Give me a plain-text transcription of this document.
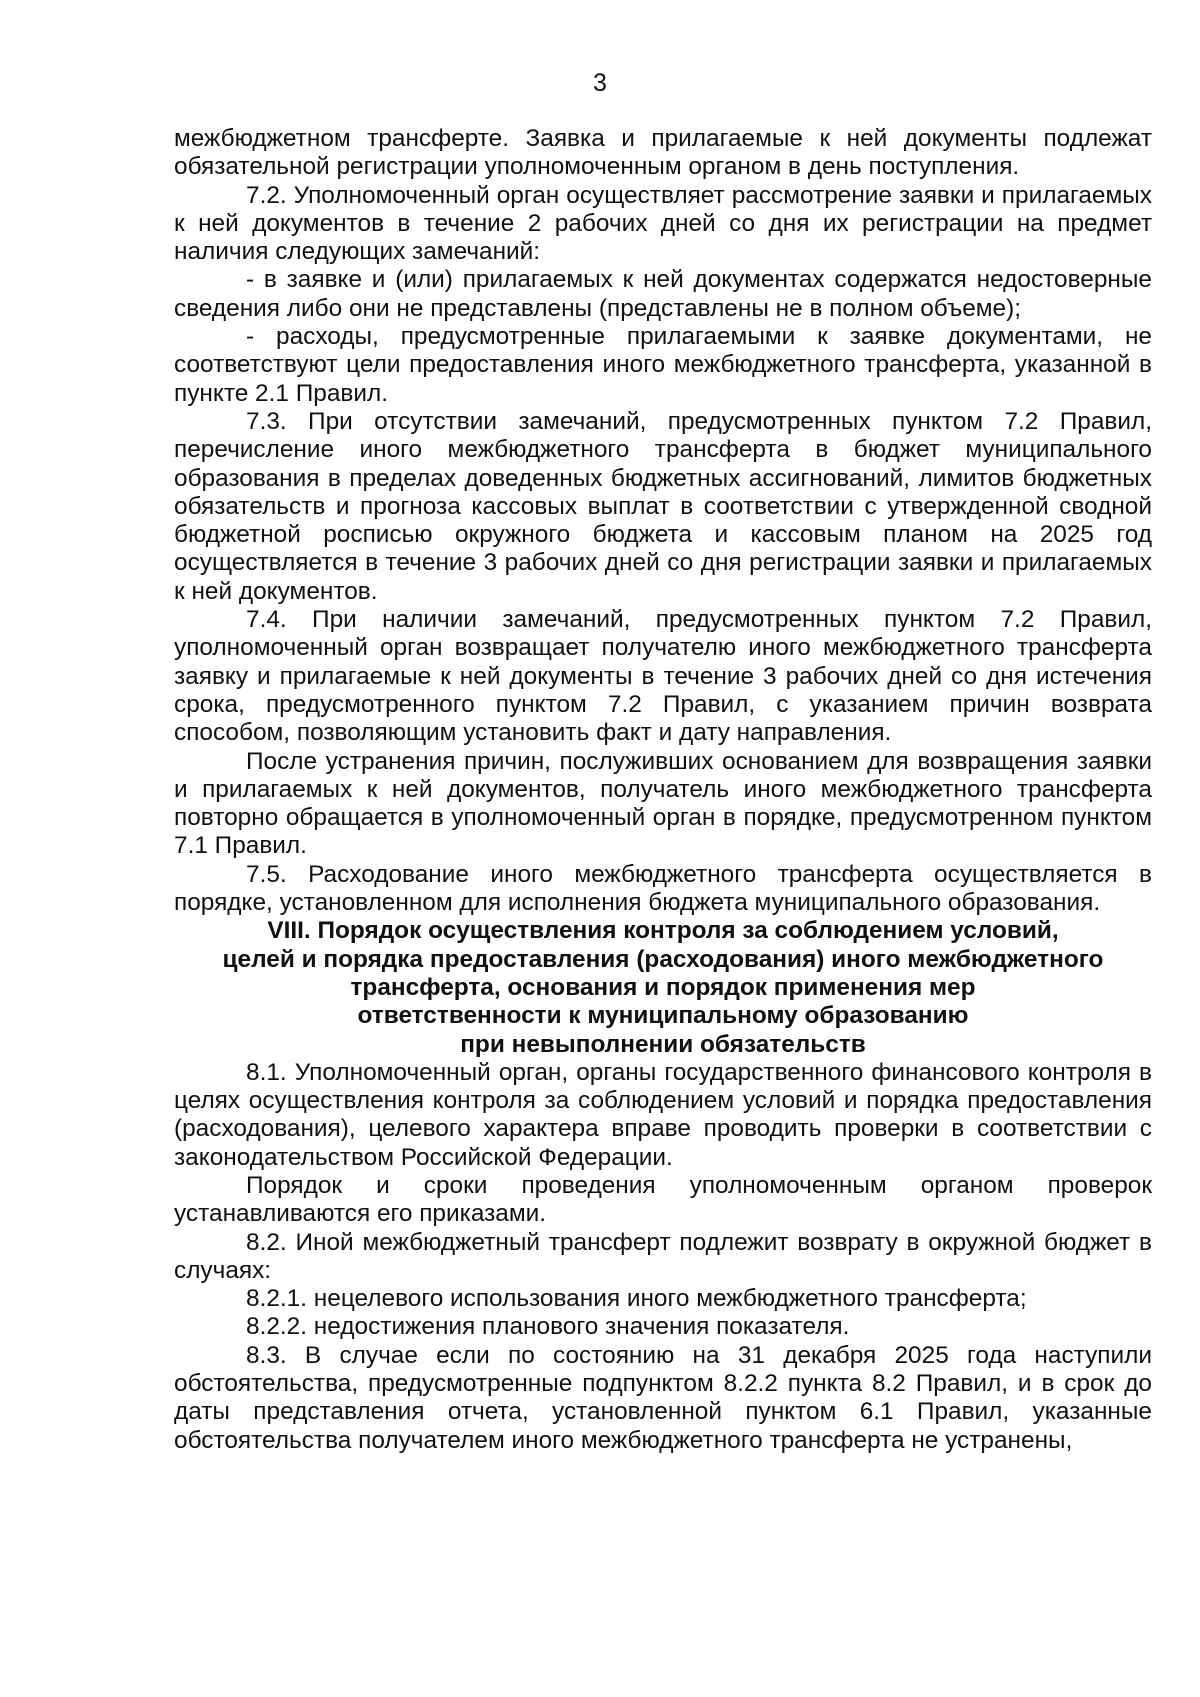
3

межбюджетном трансферте. Заявка и прилагаемые к ней документы подлежат обязательной регистрации уполномоченным органом в день поступления.

7.2. Уполномоченный орган осуществляет рассмотрение заявки и прилагаемых к ней документов в течение 2 рабочих дней со дня их регистрации на предмет наличия следующих замечаний:

- в заявке и (или) прилагаемых к ней документах содержатся недостоверные сведения либо они не представлены (представлены не в полном объеме);

- расходы, предусмотренные прилагаемыми к заявке документами, не соответствуют цели предоставления иного межбюджетного трансферта, указанной в пункте 2.1 Правил.

7.3. При отсутствии замечаний, предусмотренных пунктом 7.2 Правил, перечисление иного межбюджетного трансферта в бюджет муниципального образования в пределах доведенных бюджетных ассигнований, лимитов бюджетных обязательств и прогноза кассовых выплат в соответствии с утвержденной сводной бюджетной росписью окружного бюджета и кассовым планом на 2025 год осуществляется в течение 3 рабочих дней со дня регистрации заявки и прилагаемых к ней документов.

7.4. При наличии замечаний, предусмотренных пунктом 7.2 Правил, уполномоченный орган возвращает получателю иного межбюджетного трансферта заявку и прилагаемые к ней документы в течение 3 рабочих дней со дня истечения срока, предусмотренного пунктом 7.2 Правил, с указанием причин возврата способом, позволяющим установить факт и дату направления.

После устранения причин, послуживших основанием для возвращения заявки и прилагаемых к ней документов, получатель иного межбюджетного трансферта повторно обращается в уполномоченный орган в порядке, предусмотренном пунктом 7.1 Правил.

7.5. Расходование иного межбюджетного трансферта осуществляется в порядке, установленном для исполнения бюджета муниципального образования.

VIII. Порядок осуществления контроля за соблюдением условий,
целей и порядка предоставления (расходования) иного межбюджетного
трансферта, основания и порядок применения мер
ответственности к муниципальному образованию
при невыполнении обязательств

8.1. Уполномоченный орган, органы государственного финансового контроля в целях осуществления контроля за соблюдением условий и порядка предоставления (расходования), целевого характера вправе проводить проверки в соответствии с законодательством Российской Федерации.

Порядок и сроки проведения уполномоченным органом проверок устанавливаются его приказами.

8.2. Иной межбюджетный трансферт подлежит возврату в окружной бюджет в случаях:

8.2.1. нецелевого использования иного межбюджетного трансферта;

8.2.2. недостижения планового значения показателя.

8.3. В случае если по состоянию на 31 декабря 2025 года наступили обстоятельства, предусмотренные подпунктом 8.2.2 пункта 8.2 Правил, и в срок до даты представления отчета, установленной пунктом 6.1 Правил, указанные обстоятельства получателем иного межбюджетного трансферта не устранены,
